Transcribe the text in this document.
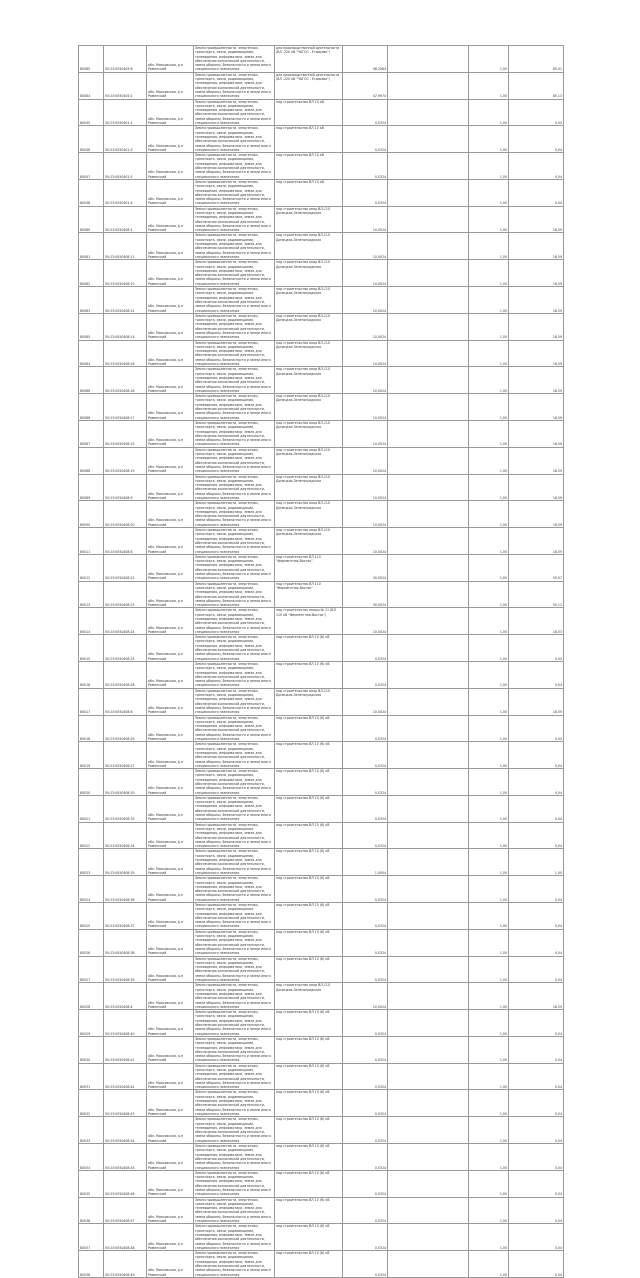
80085	50:23:0050405:6	обл. Московская, р-н Раменский	Земли промышленности, энергетики, транспорта, связи, радиовещания, телевидения, информатики, земли для обеспечения космической деятельности, земли обороны, безопасности и земли иного специального назначения	для производственной деятельности (ВЛ -220 кВ "ЧАГОС - Егорьево")	48,2984		1,00	85,01
80084	50:23:0050405:2	обл. Московская, р-н Раменский	Земли промышленности, энергетики, транспорта, связи, радиовещания, телевидения, информатики, земли для обеспечения космической деятельности, земли обороны, безопасности и земли иного специального назначения	для производственной деятельности (ВЛ -220 кВ "ЧАГОС - Егорьево")	47,9974		1,00	85,13
80045	50:23:0050401:1	обл. Московская, р-н Раменский	Земли промышленности, энергетики, транспорта, связи, радиовещания, телевидения, информатики, земли для обеспечения космической деятельности, земли обороны, безопасности и земли иного специального назначения	под строительство ВЛ 10 кВ	0,0324		1,00	0,04
80046	50:23:0050401:3	обл. Московская, р-н Раменский	Земли промышленности, энергетики, транспорта, связи, радиовещания, телевидения, информатики, земли для обеспечения космической деятельности, земли обороны, безопасности и земли иного специального назначения	под строительство ВЛ 10 кВ	0,0324		1,00	0,04
80047	50:23:0050401:5	обл. Московская, р-н Раменский	Земли промышленности, энергетики, транспорта, связи, радиовещания, телевидения, информатики, земли для обеспечения космической деятельности, земли обороны, безопасности и земли иного специального назначения	под строительство ВЛ 10 кВ	0,0324		1,00	0,04
80048	50:23:0050401:4	обл. Московская, р-н Раменский	Земли промышленности, энергетики, транспорта, связи, радиовещания, телевидения, информатики, земли для обеспечения космической деятельности, земли обороны, безопасности и земли иного специального назначения	под строительство ВЛ 10 кВ	0,0324		1,00	0,04
80080	50:23:0050408:1	обл. Московская, р-н Раменский	Земли промышленности, энергетики, транспорта, связи, радиовещания, телевидения, информатики, земли для обеспечения космической деятельности, земли обороны, безопасности и земли иного специального назначения	под строительство опор ВЛ-110 Донецкая-Зеленоградская	10,0024		1,00	18,59
80081	50:23:0050408:11	обл. Московская, р-н Раменский	Земли промышленности, энергетики, транспорта, связи, радиовещания, телевидения, информатики, земли для обеспечения космической деятельности, земли обороны, безопасности и земли иного специального назначения	под строительство опор ВЛ-110 Донецкая-Зеленоградская	10,0024		1,00	18,59
80082	50:23:0050408:10	обл. Московская, р-н Раменский	Земли промышленности, энергетики, транспорта, связи, радиовещания, телевидения, информатики, земли для обеспечения космической деятельности, земли обороны, безопасности и земли иного специального назначения	под строительство опор ВЛ-110 Донецкая-Зеленоградская	10,0024		1,00	18,59
80083	50:23:0050408:12	обл. Московская, р-н Раменский	Земли промышленности, энергетики, транспорта, связи, радиовещания, телевидения, информатики, земли для обеспечения космической деятельности, земли обороны, безопасности и земли иного специального назначения	под строительство опор ВЛ-110 Донецкая-Зеленоградская	10,0024		1,00	18,59
80085	50:23:0050408:14	обл. Московская, р-н Раменский	Земли промышленности, энергетики, транспорта, связи, радиовещания, телевидения, информатики, земли для обеспечения космической деятельности, земли обороны, безопасности и земли иного специального назначения	под строительство опор ВЛ-110 Донецкая-Зеленоградская	10,0024		1,00	18,59
80084	50:23:0050408:16	обл. Московская, р-н Раменский	Земли промышленности, энергетики, транспорта, связи, радиовещания, телевидения, информатики, земли для обеспечения космической деятельности, земли обороны, безопасности и земли иного специального назначения	под строительство опор ВЛ-110 Донецкая-Зеленоградская	10,0024		1,00	18,59
80086	50:23:0050408:18	обл. Московская, р-н Раменский	Земли промышленности, энергетики, транспорта, связи, радиовещания, телевидения, информатики, земли для обеспечения космической деятельности, земли обороны, безопасности и земли иного специального назначения	под строительство опор ВЛ-110 Донецкая-Зеленоградская	10,0024		1,00	18,59
80086	50:23:0050408:17	обл. Московская, р-н Раменский	Земли промышленности, энергетики, транспорта, связи, радиовещания, телевидения, информатики, земли для обеспечения космической деятельности, земли обороны, безопасности и земли иного специального назначения	под строительство опор ВЛ-110 Донецкая-Зеленоградская	10,0024		1,00	18,59
80087	50:23:0050408:15	обл. Московская, р-н Раменский	Земли промышленности, энергетики, транспорта, связи, радиовещания, телевидения, информатики, земли для обеспечения космической деятельности, земли обороны, безопасности и земли иного специального назначения	под строительство опор ВЛ-110 Донецкая-Зеленоградская	10,0024		1,00	18,59
80088	50:23:0050408:19	обл. Московская, р-н Раменский	Земли промышленности, энергетики, транспорта, связи, радиовещания, телевидения, информатики, земли для обеспечения космической деятельности, земли обороны, безопасности и земли иного специального назначения	под строительство опор ВЛ-110 Донецкая-Зеленоградская	10,0024		1,00	18,59
80089	50:23:0050408:9	обл. Московская, р-н Раменский	Земли промышленности, энергетики, транспорта, связи, радиовещания, телевидения, информатики, земли для обеспечения космической деятельности, земли обороны, безопасности и земли иного специального назначения	под строительство опор ВЛ-110 Донецкая-Зеленоградская	10,0024		1,00	18,59
80090	50:23:0050408:20	обл. Московская, р-н Раменский	Земли промышленности, энергетики, транспорта, связи, радиовещания, телевидения, информатики, земли для обеспечения космической деятельности, земли обороны, безопасности и земли иного специального назначения	под строительство опор ВЛ-110 Донецкая-Зеленоградская	10,0024		1,00	18,59
80011	50:23:0050408:8	обл. Московская, р-н Раменский	Земли промышленности, энергетики, транспорта, связи, радиовещания, телевидения, информатики, земли для обеспечения космической деятельности, земли обороны, безопасности и земли иного специального назначения	под строительство опор ВЛ-110 Донецкая-Зеленоградская	10,0024		1,00	18,59
80012	50:23:0050408:22	обл. Московская, р-н Раменский	Земли промышленности, энергетики, транспорта, связи, радиовещания, телевидения, информатики, земли для обеспечения космической деятельности, земли обороны, безопасности и земли иного специального назначения	под строительство ВЛ 110 "Ферментная-Восток"	30,0024		1,00	55,07
80013	50:23:0050408:23	обл. Московская, р-н Раменский	Земли промышленности, энергетики, транспорта, связи, радиовещания, телевидения, информатики, земли для обеспечения космической деятельности, земли обороны, безопасности и земли иного специального назначения	под строительство ВЛ 110 "Ферментная-Восток"	30,0024		1,00	55,11
80014	50:23:0050408:24	обл. Московская, р-н Раменский	Земли промышленности, энергетики, транспорта, связи, радиовещания, телевидения, информатики, земли для обеспечения космической деятельности, земли обороны, безопасности и земли иного специального назначения	под строительство опоры № 11 (ВЛ 110 кВ "Ферментная-Восток")	10,0024		1,00	18,53
80015	50:23:0050408:25	обл. Московская, р-н Раменский	Земли промышленности, энергетики, транспорта, связи, радиовещания, телевидения, информатики, земли для обеспечения космической деятельности, земли обороны, безопасности и земли иного специального назначения	под строительство ВЛ 10 (6) кВ	0,0324		1,00	0,04
80016	50:23:0050408:26	обл. Московская, р-н Раменский	Земли промышленности, энергетики, транспорта, связи, радиовещания, телевидения, информатики, земли для обеспечения космической деятельности, земли обороны, безопасности и земли иного специального назначения	под строительство ВЛ 10 (6) кВ	0,0324		1,00	0,04
80017	50:23:0050408:6	обл. Московская, р-н Раменский	Земли промышленности, энергетики, транспорта, связи, радиовещания, телевидения, информатики, земли для обеспечения космической деятельности, земли обороны, безопасности и земли иного специального назначения	под строительство опор ВЛ-110 Донецкая-Зеленоградская	10,0024		1,00	18,59
80018	50:23:0050408:29	обл. Московская, р-н Раменский	Земли промышленности, энергетики, транспорта, связи, радиовещания, телевидения, информатики, земли для обеспечения космической деятельности, земли обороны, безопасности и земли иного специального назначения	под строительство ВЛ 10 (6) кВ	0,0324		1,00	0,04
80019	50:23:0050408:27	обл. Московская, р-н Раменский	Земли промышленности, энергетики, транспорта, связи, радиовещания, телевидения, информатики, земли для обеспечения космической деятельности, земли обороны, безопасности и земли иного специального назначения	под строительство ВЛ 10 (6) кВ	0,0324		1,00	0,04
80020	50:23:0050408:30	обл. Московская, р-н Раменский	Земли промышленности, энергетики, транспорта, связи, радиовещания, телевидения, информатики, земли для обеспечения космической деятельности, земли обороны, безопасности и земли иного специального назначения	под строительство ВЛ 10 (6) кВ	0,0324		1,00	0,04
80021	50:23:0050408:33	обл. Московская, р-н Раменский	Земли промышленности, энергетики, транспорта, связи, радиовещания, телевидения, информатики, земли для обеспечения космической деятельности, земли обороны, безопасности и земли иного специального назначения	под строительство ВЛ 10 (6) кВ	0,0324		1,00	0,04
80022	50:23:0050408:34	обл. Московская, р-н Раменский	Земли промышленности, энергетики, транспорта, связи, радиовещания, телевидения, информатики, земли для обеспечения космической деятельности, земли обороны, безопасности и земли иного специального назначения	под строительство ВЛ 10 (6) кВ	0,0324		1,00	0,04
80023	50:23:0050408:35	обл. Московская, р-н Раменский	Земли промышленности, энергетики, транспорта, связи, радиовещания, телевидения, информатики, земли для обеспечения космической деятельности, земли обороны, безопасности и земли иного специального назначения	под строительство ВЛ 10 (6) кВ	1,0004		1,00	1,00
80024	50:23:0050408:36	обл. Московская, р-н Раменский	Земли промышленности, энергетики, транспорта, связи, радиовещания, телевидения, информатики, земли для обеспечения космической деятельности, земли обороны, безопасности и земли иного специального назначения	под строительство ВЛ 10 (6) кВ	0,0324		1,00	0,04
80025	50:23:0050408:37	обл. Московская, р-н Раменский	Земли промышленности, энергетики, транспорта, связи, радиовещания, телевидения, информатики, земли для обеспечения космической деятельности, земли обороны, безопасности и земли иного специального назначения	под строительство ВЛ 10 (6) кВ	0,0324		1,00	0,04
80026	50:23:0050408:38	обл. Московская, р-н Раменский	Земли промышленности, энергетики, транспорта, связи, радиовещания, телевидения, информатики, земли для обеспечения космической деятельности, земли обороны, безопасности и земли иного специального назначения	под строительство ВЛ 10 (6) кВ	0,0324		1,00	0,04
80027	50:23:0050408:39	обл. Московская, р-н Раменский	Земли промышленности, энергетики, транспорта, связи, радиовещания, телевидения, информатики, земли для обеспечения космической деятельности, земли обороны, безопасности и земли иного специального назначения	под строительство ВЛ 10 (6) кВ	0,0324		1,00	0,04
80028	50:23:0050408:4	обл. Московская, р-н Раменский	Земли промышленности, энергетики, транспорта, связи, радиовещания, телевидения, информатики, земли для обеспечения космической деятельности, земли обороны, безопасности и земли иного специального назначения	под строительство опор ВЛ-110 Донецкая-Зеленоградская	10,0024		1,00	18,59
80029	50:23:0050408:40	обл. Московская, р-н Раменский	Земли промышленности, энергетики, транспорта, связи, радиовещания, телевидения, информатики, земли для обеспечения космической деятельности, земли обороны, безопасности и земли иного специального назначения	под строительство ВЛ 10 (6) кВ	0,0324		1,00	0,04
80030	50:23:0050408:41	обл. Московская, р-н Раменский	Земли промышленности, энергетики, транспорта, связи, радиовещания, телевидения, информатики, земли для обеспечения космической деятельности, земли обороны, безопасности и земли иного специального назначения	под строительство ВЛ 10 (6) кВ	0,0324		1,00	0,04
80031	50:23:0050408:42	обл. Московская, р-н Раменский	Земли промышленности, энергетики, транспорта, связи, радиовещания, телевидения, информатики, земли для обеспечения космической деятельности, земли обороны, безопасности и земли иного специального назначения	под строительство ВЛ 10 (6) кВ	0,0324		1,00	0,04
80032	50:23:0050408:43	обл. Московская, р-н Раменский	Земли промышленности, энергетики, транспорта, связи, радиовещания, телевидения, информатики, земли для обеспечения космической деятельности, земли обороны, безопасности и земли иного специального назначения	под строительство ВЛ 10 (6) кВ	0,0324		1,00	0,04
80033	50:23:0050408:44	обл. Московская, р-н Раменский	Земли промышленности, энергетики, транспорта, связи, радиовещания, телевидения, информатики, земли для обеспечения космической деятельности, земли обороны, безопасности и земли иного специального назначения	под строительство ВЛ 10 (6) кВ	0,0324		1,00	0,04
80034	50:23:0050408:45	обл. Московская, р-н Раменский	Земли промышленности, энергетики, транспорта, связи, радиовещания, телевидения, информатики, земли для обеспечения космической деятельности, земли обороны, безопасности и земли иного специального назначения	под строительство ВЛ 10 (6) кВ	0,0324		1,00	0,04
80035	50:23:0050408:46	обл. Московская, р-н Раменский	Земли промышленности, энергетики, транспорта, связи, радиовещания, телевидения, информатики, земли для обеспечения космической деятельности, земли обороны, безопасности и земли иного специального назначения	под строительство ВЛ 10 (6) кВ	0,0324		1,00	0,04
80036	50:23:0050408:47	обл. Московская, р-н Раменский	Земли промышленности, энергетики, транспорта, связи, радиовещания, телевидения, информатики, земли для обеспечения космической деятельности, земли обороны, безопасности и земли иного специального назначения	под строительство ВЛ 10 (6) кВ	0,0324		1,00	0,04
80037	50:23:0050408:48	обл. Московская, р-н Раменский	Земли промышленности, энергетики, транспорта, связи, радиовещания, телевидения, информатики, земли для обеспечения космической деятельности, земли обороны, безопасности и земли иного специального назначения	под строительство ВЛ 10 (6) кВ	0,0324		1,00	0,04
80038	50:23:0050408:49	обл. Московская, р-н Раменский	Земли промышленности, энергетики, транспорта, связи, радиовещания, телевидения, информатики, земли для обеспечения космической деятельности, земли обороны, безопасности и земли иного специального назначения	под строительство ВЛ 10 (6) кВ	0,0324		1,00	0,04
